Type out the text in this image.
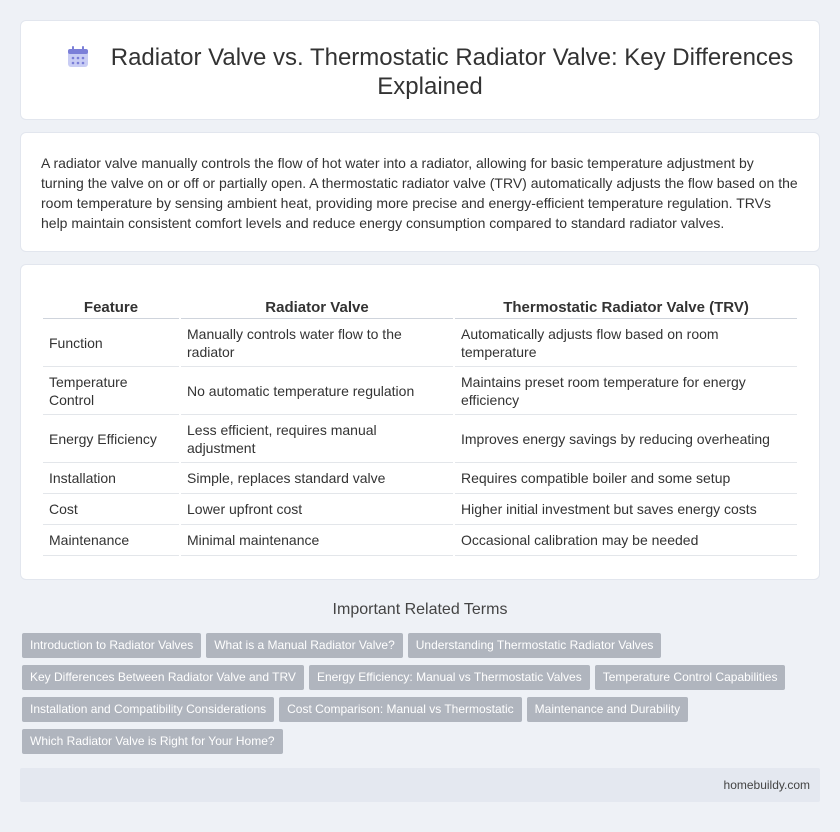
Radiator Valve vs. Thermostatic Radiator Valve: Key Differences Explained

A radiator valve manually controls the flow of hot water into a radiator, allowing for basic temperature adjustment by turning the valve on or off or partially open. A thermostatic radiator valve (TRV) automatically adjusts the flow based on the room temperature by sensing ambient heat, providing more precise and energy-efficient temperature regulation. TRVs help maintain consistent comfort levels and reduce energy consumption compared to standard radiator valves.

Feature	Radiator Valve	Thermostatic Radiator Valve (TRV)
Function	Manually controls water flow to the radiator	Automatically adjusts flow based on room temperature
Temperature Control	No automatic temperature regulation	Maintains preset room temperature for energy efficiency
Energy Efficiency	Less efficient, requires manual adjustment	Improves energy savings by reducing overheating
Installation	Simple, replaces standard valve	Requires compatible boiler and some setup
Cost	Lower upfront cost	Higher initial investment but saves energy costs
Maintenance	Minimal maintenance	Occasional calibration may be needed
Important Related Terms
Introduction to Radiator Valves What is a Manual Radiator Valve? Understanding Thermostatic Radiator Valves
Key Differences Between Radiator Valve and TRV Energy Efficiency: Manual vs Thermostatic Valves Temperature Control Capabilities
Installation and Compatibility Considerations Cost Comparison: Manual vs Thermostatic Maintenance and Durability
Which Radiator Valve is Right for Your Home?
homebuildy.com
